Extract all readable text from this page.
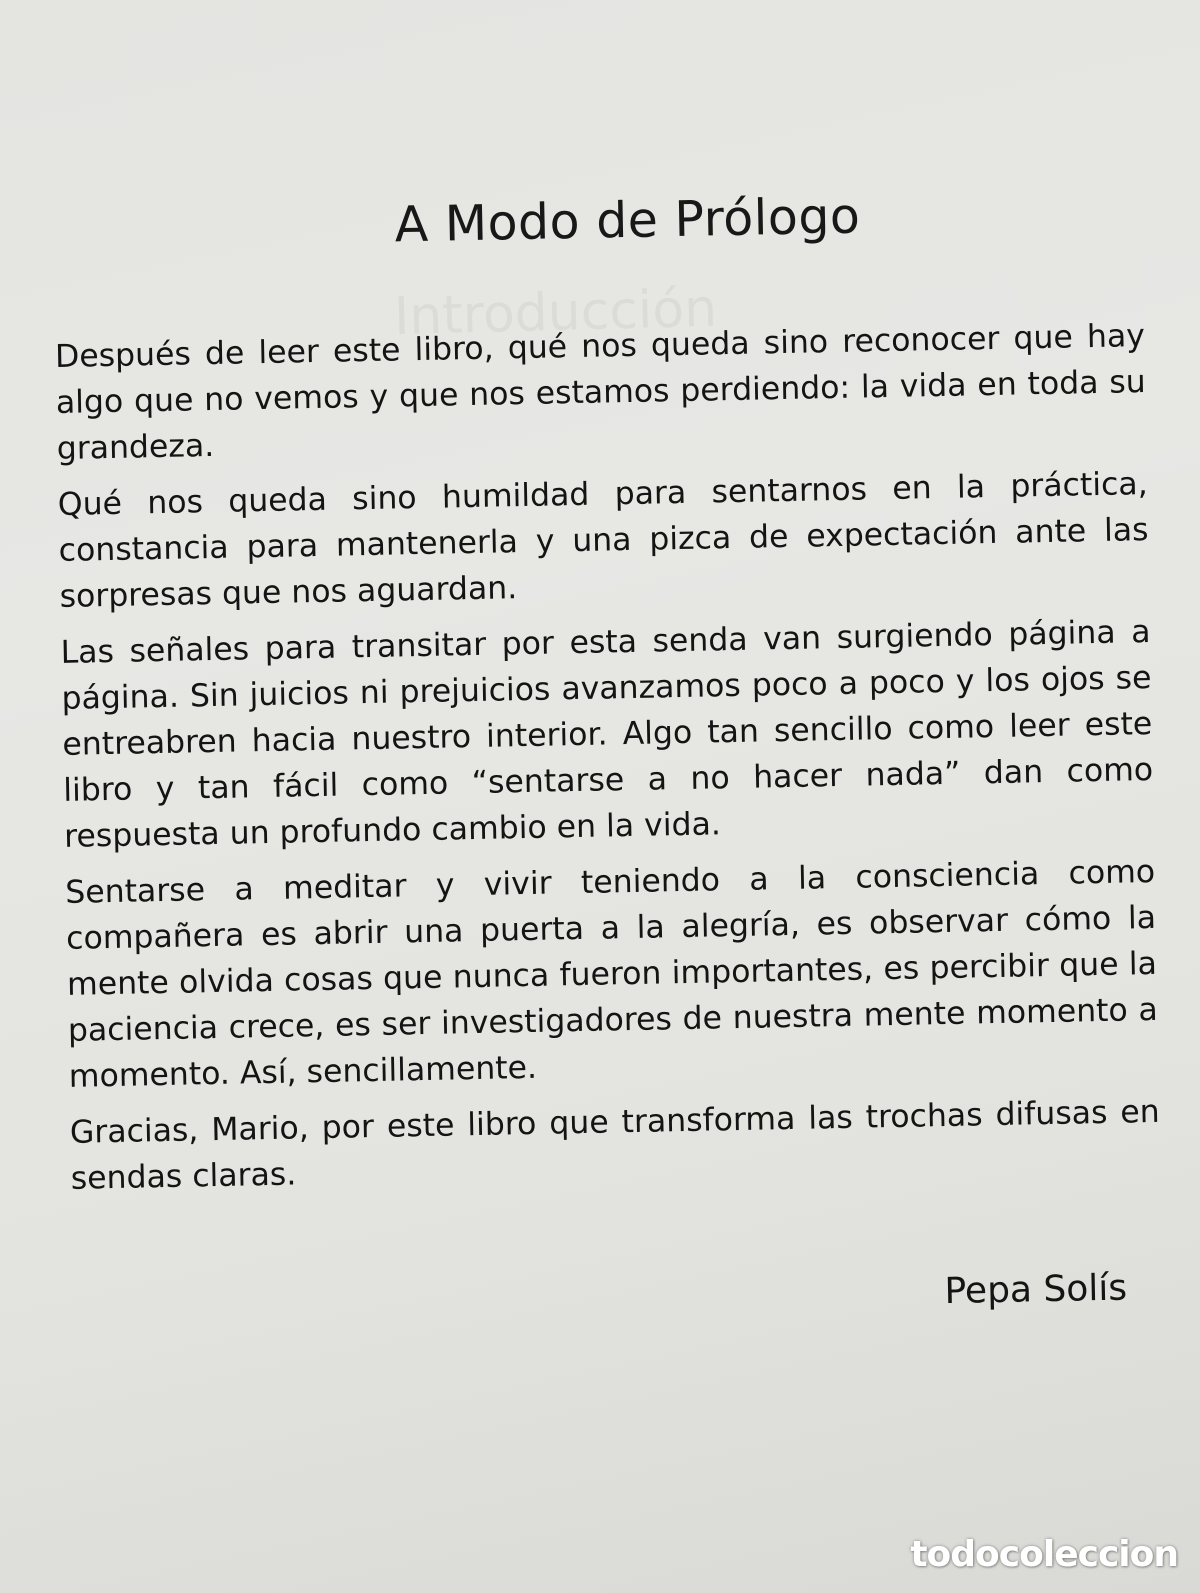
A Modo de Prólogo

Después de leer este libro, qué nos queda sino reconocer que hay algo que no vemos y que nos estamos perdiendo: la vida en toda su grandeza.

Qué nos queda sino humildad para sentarnos en la práctica, constancia para mantenerla y una pizca de expectación ante las sorpresas que nos aguardan.

Las señales para transitar por esta senda van surgiendo página a página. Sin juicios ni prejuicios avanzamos poco a poco y los ojos se entreabren hacia nuestro interior. Algo tan sencillo como leer este libro y tan fácil como “sentarse a no hacer nada” dan como respuesta un profundo cambio en la vida.

Sentarse a meditar y vivir teniendo a la consciencia como compañera es abrir una puerta a la alegría, es observar cómo la mente olvida cosas que nunca fueron importantes, es percibir que la paciencia crece, es ser investigadores de nuestra mente momento a momento. Así, sencillamente.

Gracias, Mario, por este libro que transforma las trochas difusas en sendas claras.

Pepa Solís
todocoleccion
